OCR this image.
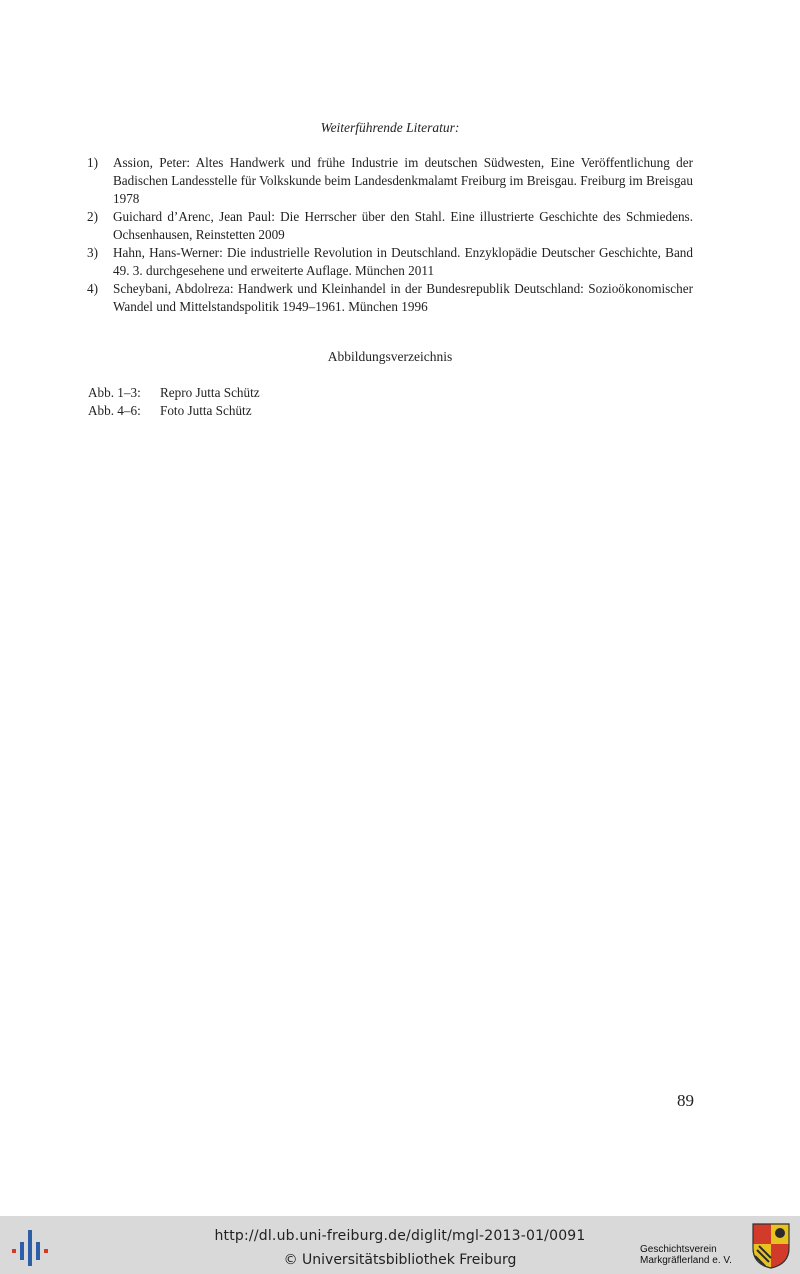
Weiterführende Literatur:
1)	Assion, Peter: Altes Handwerk und frühe Industrie im deutschen Südwesten, Eine Veröffentlichung der Badischen Landesstelle für Volkskunde beim Landesdenkmalamt Freiburg im Breisgau. Freiburg im Breisgau 1978
2)	Guichard d’Arenc, Jean Paul: Die Herrscher über den Stahl. Eine illustrierte Geschichte des Schmiedens. Ochsenhausen, Reinstetten 2009
3)	Hahn, Hans-Werner: Die industrielle Revolution in Deutschland. Enzyklopädie Deutscher Geschichte, Band 49. 3. durchgesehene und erweiterte Auflage. München 2011
4)	Scheybani, Abdolreza: Handwerk und Kleinhandel in der Bundesrepublik Deutschland: Sozioökonomischer Wandel und Mittelstandspolitik 1949–1961. München 1996
Abbildungsverzeichnis
Abb. 1–3:	Repro Jutta Schütz
Abb. 4–6:	Foto Jutta Schütz
89
http://dl.ub.uni-freiburg.de/diglit/mgl-2013-01/0091
© Universitätsbibliothek Freiburg
Geschichtsverein
Markgräflerland e. V.
